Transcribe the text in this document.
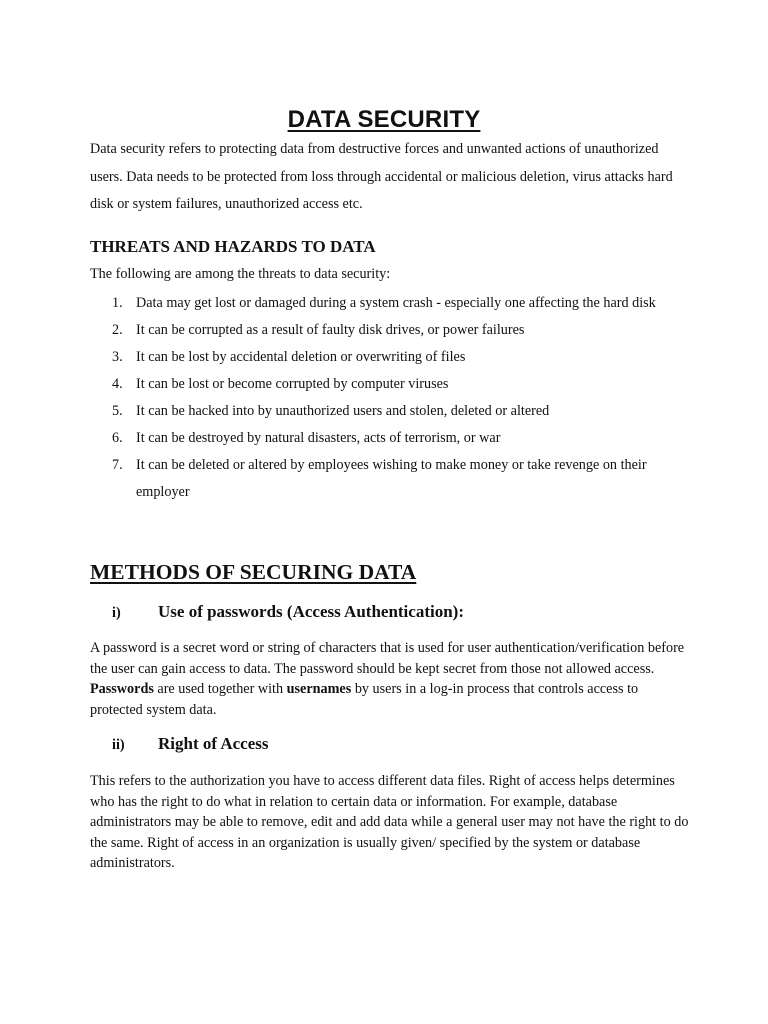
DATA SECURITY

Data security refers to protecting data from destructive forces and unwanted actions of unauthorized users. Data needs to be protected from loss through accidental or malicious deletion, virus attacks hard disk or system failures, unauthorized access etc.

THREATS AND HAZARDS TO DATA

The following are among the threats to data security:

1. Data may get lost or damaged during a system crash - especially one affecting the hard disk
2. It can be corrupted as a result of faulty disk drives, or power failures
3. It can be lost by accidental deletion or overwriting of files
4. It can be lost or become corrupted by computer viruses
5. It can be hacked into by unauthorized users and stolen, deleted or altered
6. It can be destroyed by natural disasters, acts of terrorism, or war
7. It can be deleted or altered by employees wishing to make money or take revenge on their employer
METHODS OF SECURING DATA
i) Use of passwords (Access Authentication):

A password is a secret word or string of characters that is used for user authentication/verification before the user can gain access to data. The password should be kept secret from those not allowed access. Passwords are used together with usernames by users in a log-in process that controls access to protected system data.

ii) Right of Access

This refers to the authorization you have to access different data files. Right of access helps determines who has the right to do what in relation to certain data or information. For example, database administrators may be able to remove, edit and add data while a general user may not have the right to do the same. Right of access in an organization is usually given/ specified by the system or database administrators.
